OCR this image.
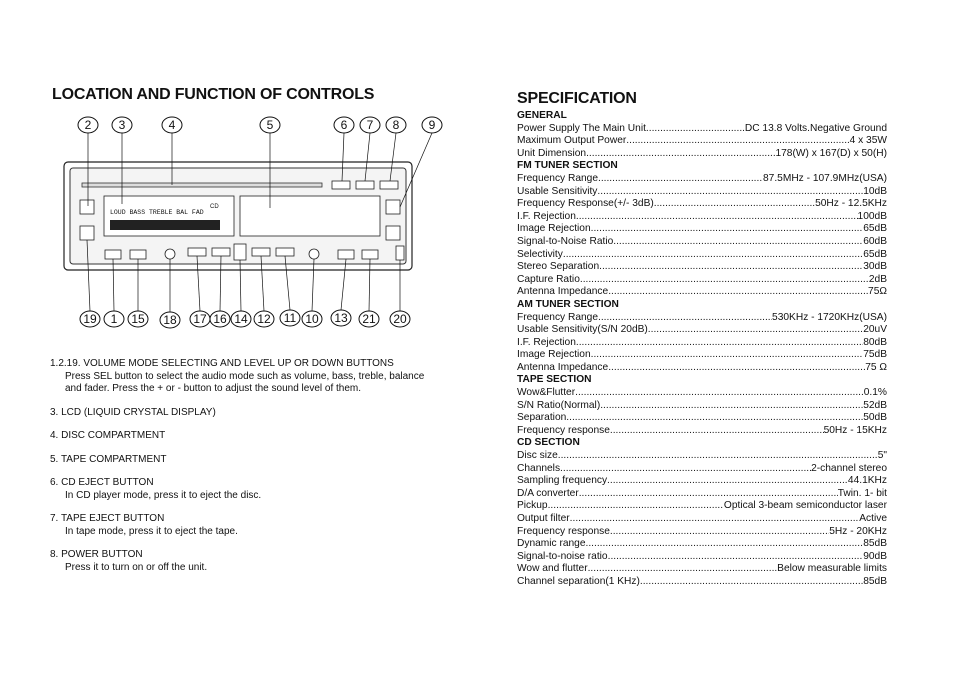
LOCATION AND FUNCTION OF CONTROLS
LOUD BASS TREBLE BAL FAD
CD
2 3	4	5	6 7 8 9
19 1 15 18 17 16 14 12 11 10 13 21 20
1.2.19. VOLUME MODE SELECTING AND LEVEL UP OR DOWN BUTTONS
Press SEL button to select the audio mode such as volume, bass, treble, balance and fader. Press the + or - button to adjust the sound level of them.
3. LCD (LIQUID CRYSTAL DISPLAY)
4. DISC COMPARTMENT
5. TAPE COMPARTMENT
6. CD EJECT BUTTON
In CD player mode, press it to eject the disc.
7. TAPE EJECT BUTTON
In tape mode, press it to eject the tape.
8. POWER BUTTON
Press it to turn on or off the unit.
SPECIFICATION
GENERAL
Power Supply The Main Unit .....	DC 13.8 Volts.Negative Ground
Maximum Output Power .....	4 x 35W
Unit Dimension .....	178(W) x 167(D) x 50(H)
FM TUNER SECTION
Frequency Range .....	87.5MHz - 107.9MHz(USA)
Usable Sensitivity .....	10dB
Frequency Response(+/- 3dB) .....	50Hz - 12.5KHz
I.F. Rejection .....	100dB
Image Rejection .....	65dB
Signal-to-Noise Ratio .....	60dB
Selectivity .....	65dB
Stereo Separation .....	30dB
Capture Ratio .....	2dB
Antenna Impedance .....	75Ω
AM TUNER SECTION
Frequency Range .....	530KHz - 1720KHz(USA)
Usable Sensitivity(S/N 20dB) .....	20uV
I.F. Rejection .....	80dB
Image Rejection .....	75dB
Antenna Impedance .....	75 Ω
TAPE SECTION
Wow&Flutter .....	0.1%
S/N Ratio(Normal) .....	52dB
Separation .....	50dB
Frequency response .....	50Hz - 15KHz
CD SECTION
Disc size .....	5"
Channels .....	2-channel stereo
Sampling frequency .....	44.1KHz
D/A converter .....	Twin. 1- bit
Pickup .....	Optical 3-beam semiconductor laser
Output filter .....	Active
Frequency response .....	5Hz - 20KHz
Dynamic range .....	85dB
Signal-to-noise ratio .....	90dB
Wow and flutter .....	Below measurable limits
Channel separation(1 KHz) .....	85dB
